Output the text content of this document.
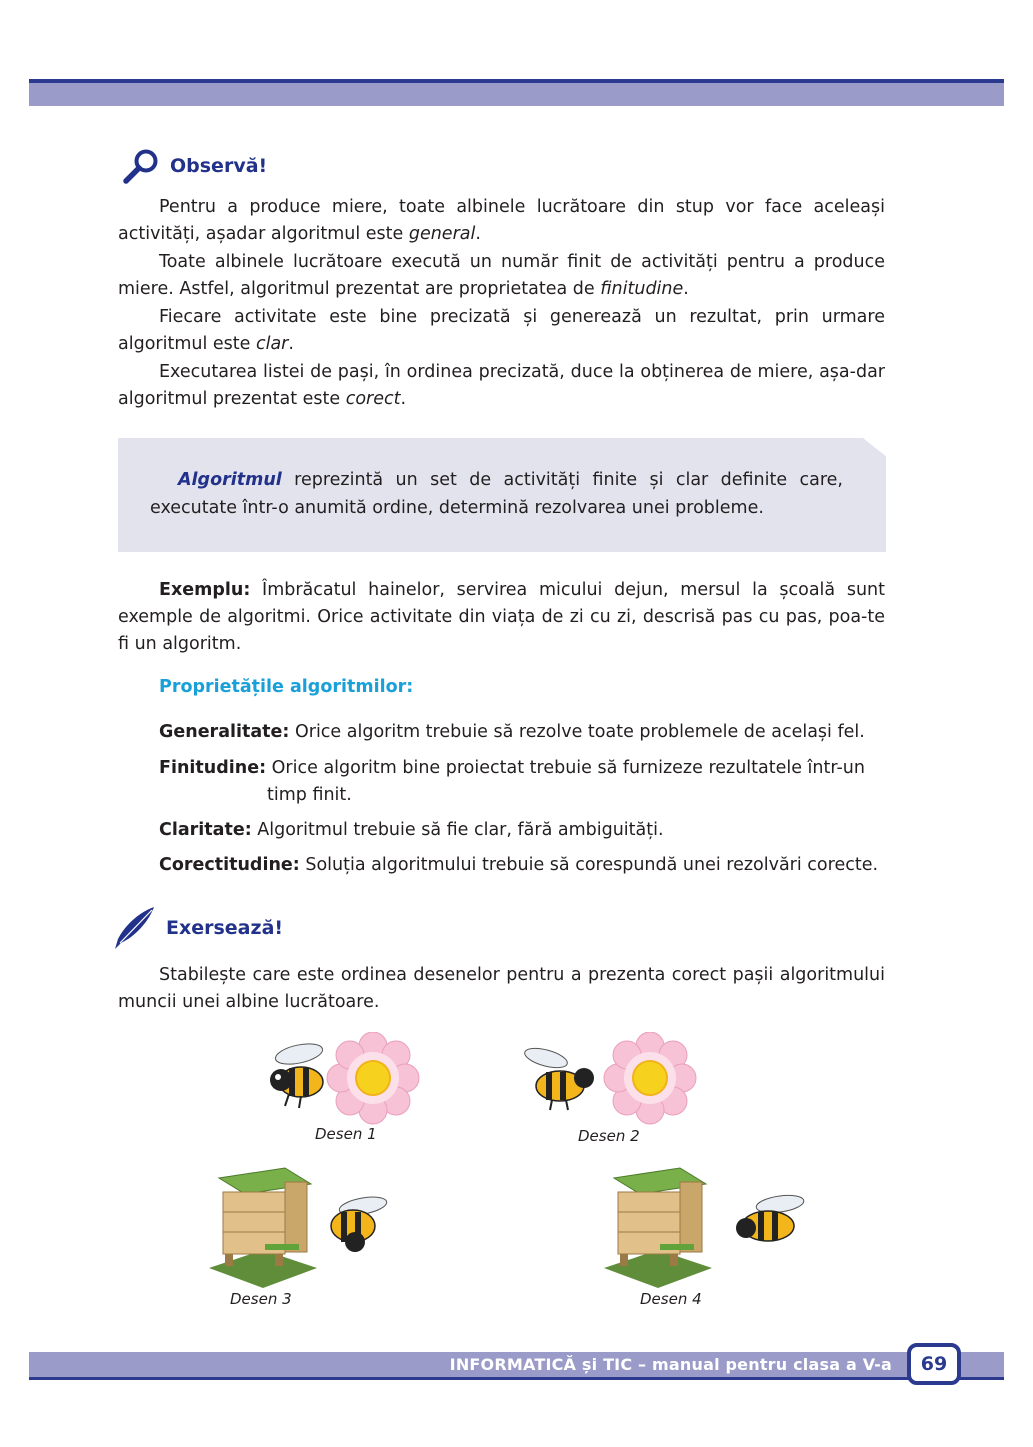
Observă!

Pentru a produce miere, toate albinele lucrătoare din stup vor face aceleași activități, așadar algoritmul este general.

Toate albinele lucrătoare execută un număr finit de activități pentru a produce miere. Astfel, algoritmul prezentat are proprietatea de finitudine.

Fiecare activitate este bine precizată și generează un rezultat, prin urmare algoritmul este clar.

Executarea listei de pași, în ordinea precizată, duce la obținerea de miere, așa-dar algoritmul prezentat este corect.

Algoritmul reprezintă un set de activități finite și clar definite care, executate într-o anumită ordine, determină rezolvarea unei probleme.

Exemplu: Îmbrăcatul hainelor, servirea micului dejun, mersul la școală sunt exemple de algoritmi. Orice activitate din viața de zi cu zi, descrisă pas cu pas, poa-te fi un algoritm.

Proprietățile algoritmilor:

Generalitate: Orice algoritm trebuie să rezolve toate problemele de același fel.

Finitudine: Orice algoritm bine proiectat trebuie să furnizeze rezultatele într-un
timp finit.

Claritate: Algoritmul trebuie să fie clar, fără ambiguități.

Corectitudine: Soluția algoritmului trebuie să corespundă unei rezolvări corecte.

Exersează!

Stabilește care este ordinea desenelor pentru a prezenta corect pașii algoritmului muncii unei albine lucrătoare.

Desen 1	Desen 2
Desen 3	Desen 4
INFORMATICĂ și TIC – manual pentru clasa a V-a	69
